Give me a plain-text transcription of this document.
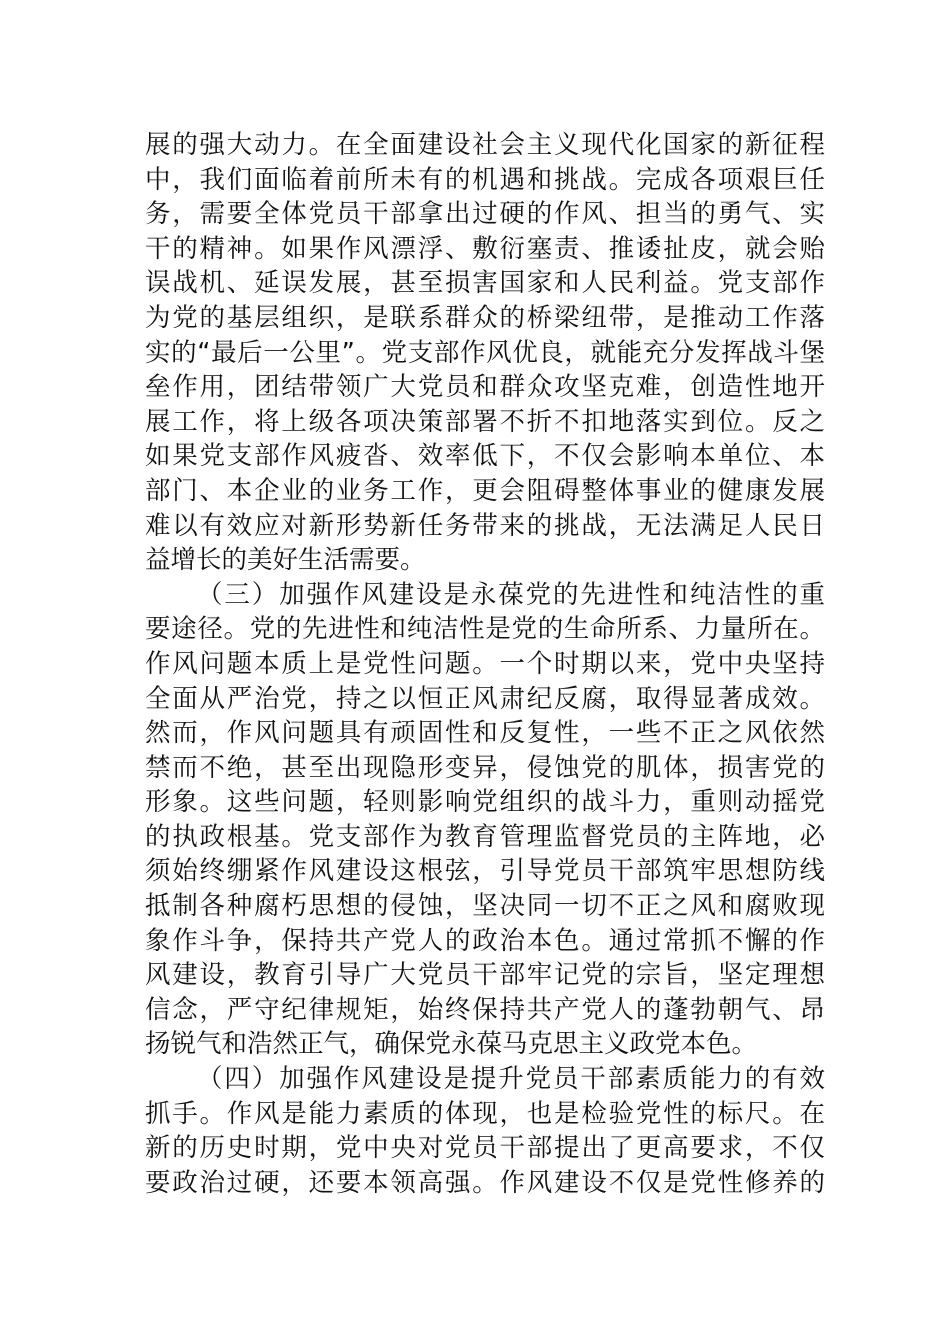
展的强大动力。在全面建设社会主义现代化国家的新征程
中，我们面临着前所未有的机遇和挑战。完成各项艰巨任
务，需要全体党员干部拿出过硬的作风、担当的勇气、实
干的精神。如果作风漂浮、敷衍塞责、推诿扯皮，就会贻
误战机、延误发展，甚至损害国家和人民利益。党支部作
为党的基层组织，是联系群众的桥梁纽带，是推动工作落
实的“最后一公里”。党支部作风优良，就能充分发挥战斗堡
垒作用，团结带领广大党员和群众攻坚克难，创造性地开
展工作，将上级各项决策部署不折不扣地落实到位。反之
如果党支部作风疲沓、效率低下，不仅会影响本单位、本
部门、本企业的业务工作，更会阻碍整体事业的健康发展
难以有效应对新形势新任务带来的挑战，无法满足人民日
益增长的美好生活需要。
（三）加强作风建设是永葆党的先进性和纯洁性的重
要途径。党的先进性和纯洁性是党的生命所系、力量所在。
作风问题本质上是党性问题。一个时期以来，党中央坚持
全面从严治党，持之以恒正风肃纪反腐，取得显著成效。
然而，作风问题具有顽固性和反复性，一些不正之风依然
禁而不绝，甚至出现隐形变异，侵蚀党的肌体，损害党的
形象。这些问题，轻则影响党组织的战斗力，重则动摇党
的执政根基。党支部作为教育管理监督党员的主阵地，必
须始终绷紧作风建设这根弦，引导党员干部筑牢思想防线
抵制各种腐朽思想的侵蚀，坚决同一切不正之风和腐败现
象作斗争，保持共产党人的政治本色。通过常抓不懈的作
风建设，教育引导广大党员干部牢记党的宗旨，坚定理想
信念，严守纪律规矩，始终保持共产党人的蓬勃朝气、昂
扬锐气和浩然正气，确保党永葆马克思主义政党本色。
（四）加强作风建设是提升党员干部素质能力的有效
抓手。作风是能力素质的体现，也是检验党性的标尺。在
新的历史时期，党中央对党员干部提出了更高要求，不仅
要政治过硬，还要本领高强。作风建设不仅是党性修养的
